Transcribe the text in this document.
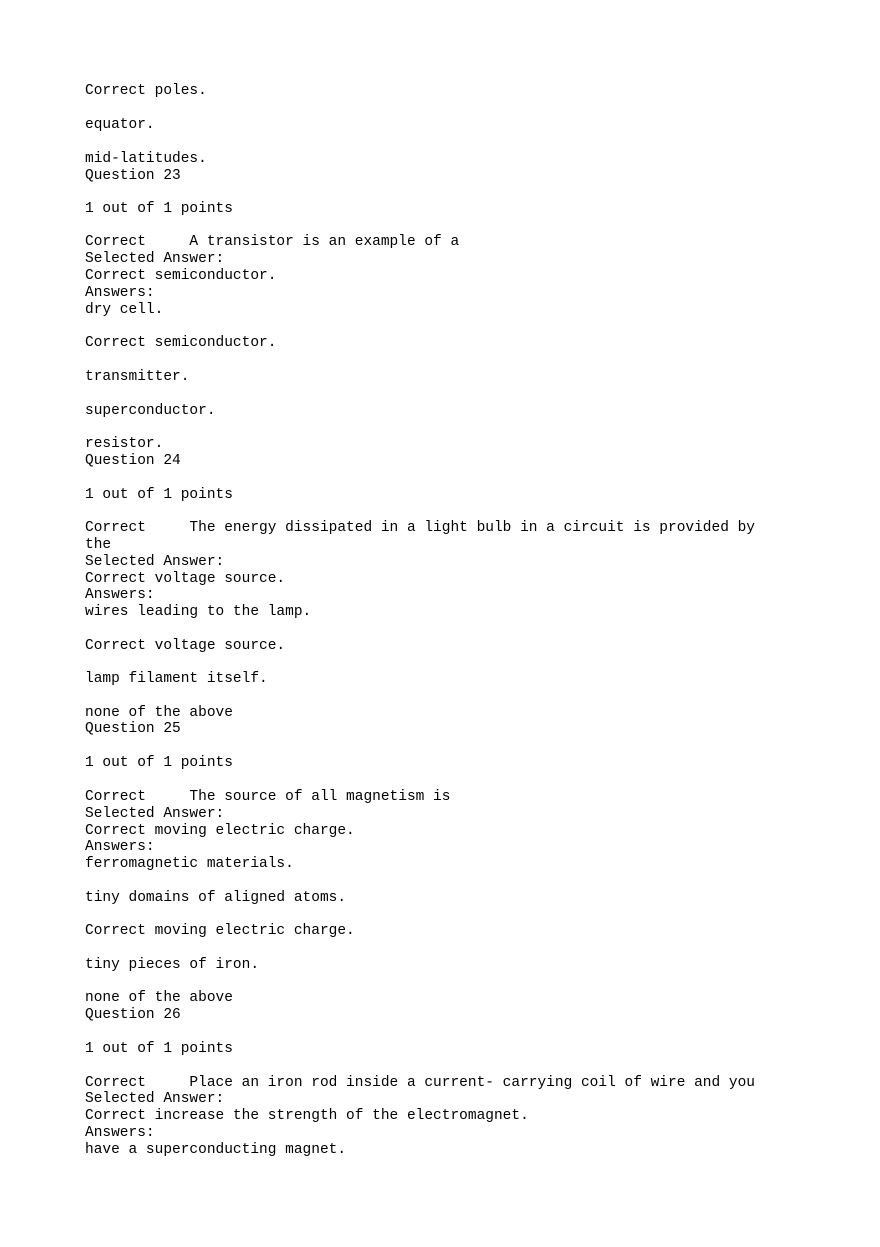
Correct poles.

equator.

mid-latitudes.

Question 23

1 out of 1 points

Correct     A transistor is an example of a

Selected Answer:

Correct semiconductor.

Answers:

dry cell.

Correct semiconductor.

transmitter.

superconductor.

resistor.

Question 24

1 out of 1 points

Correct     The energy dissipated in a light bulb in a circuit is provided by

the

Selected Answer:

Correct voltage source.

Answers:

wires leading to the lamp.

Correct voltage source.

lamp filament itself.

none of the above

Question 25

1 out of 1 points

Correct     The source of all magnetism is

Selected Answer:

Correct moving electric charge.

Answers:

ferromagnetic materials.

tiny domains of aligned atoms.

Correct moving electric charge.

tiny pieces of iron.

none of the above

Question 26

1 out of 1 points

Correct     Place an iron rod inside a current- carrying coil of wire and you

Selected Answer:

Correct increase the strength of the electromagnet.

Answers:

have a superconducting magnet.
